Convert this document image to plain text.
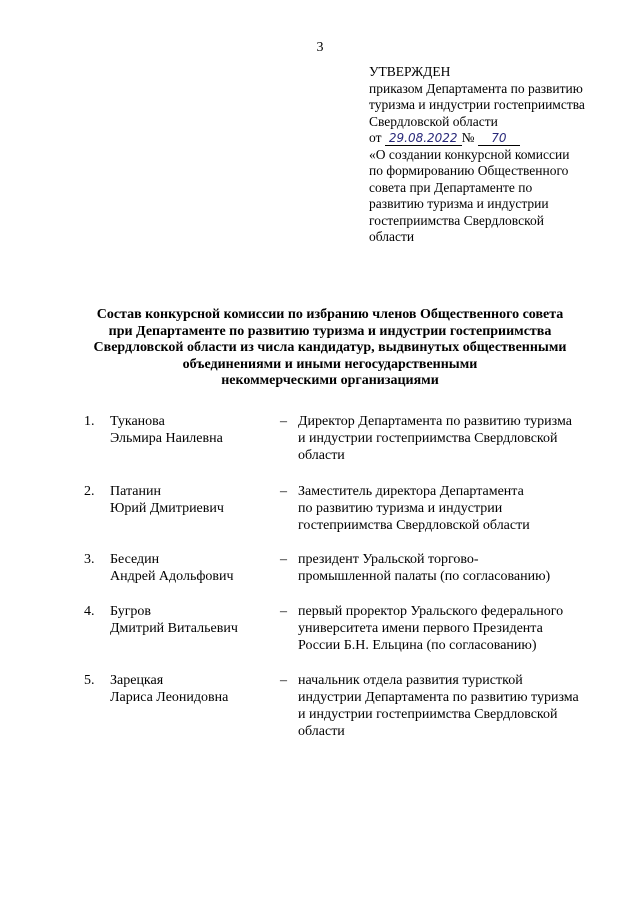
3
УТВЕРЖДЕН
приказом Департамента по развитию
туризма и индустрии гостеприимства
Свердловской области
от 29.08.2022 № 70
«О создании конкурсной комиссии
по формированию Общественного
совета при Департаменте по
развитию туризма и индустрии
гостеприимства Свердловской
области
Состав конкурсной комиссии по избранию членов Общественного совета
при Департаменте по развитию туризма и индустрии гостеприимства
Свердловской области из числа кандидатур, выдвинутых общественными
объединениями и иными негосударственными
некоммерческими организациями
1. Туканова
Эльмира Наилевна
– Директор Департамента по развитию туризма
и индустрии гостеприимства Свердловской
области
2. Патанин
Юрий Дмитриевич
– Заместитель директора Департамента
по развитию туризма и индустрии
гостеприимства Свердловской области
3. Беседин
Андрей Адольфович
– президент Уральской торгово-
промышленной палаты (по согласованию)
4. Бугров
Дмитрий Витальевич
– первый проректор Уральского федерального
университета имени первого Президента
России Б.Н. Ельцина (по согласованию)
5. Зарецкая
Лариса Леонидовна
– начальник отдела развития туристкой
индустрии Департамента по развитию туризма
и индустрии гостеприимства Свердловской
области
